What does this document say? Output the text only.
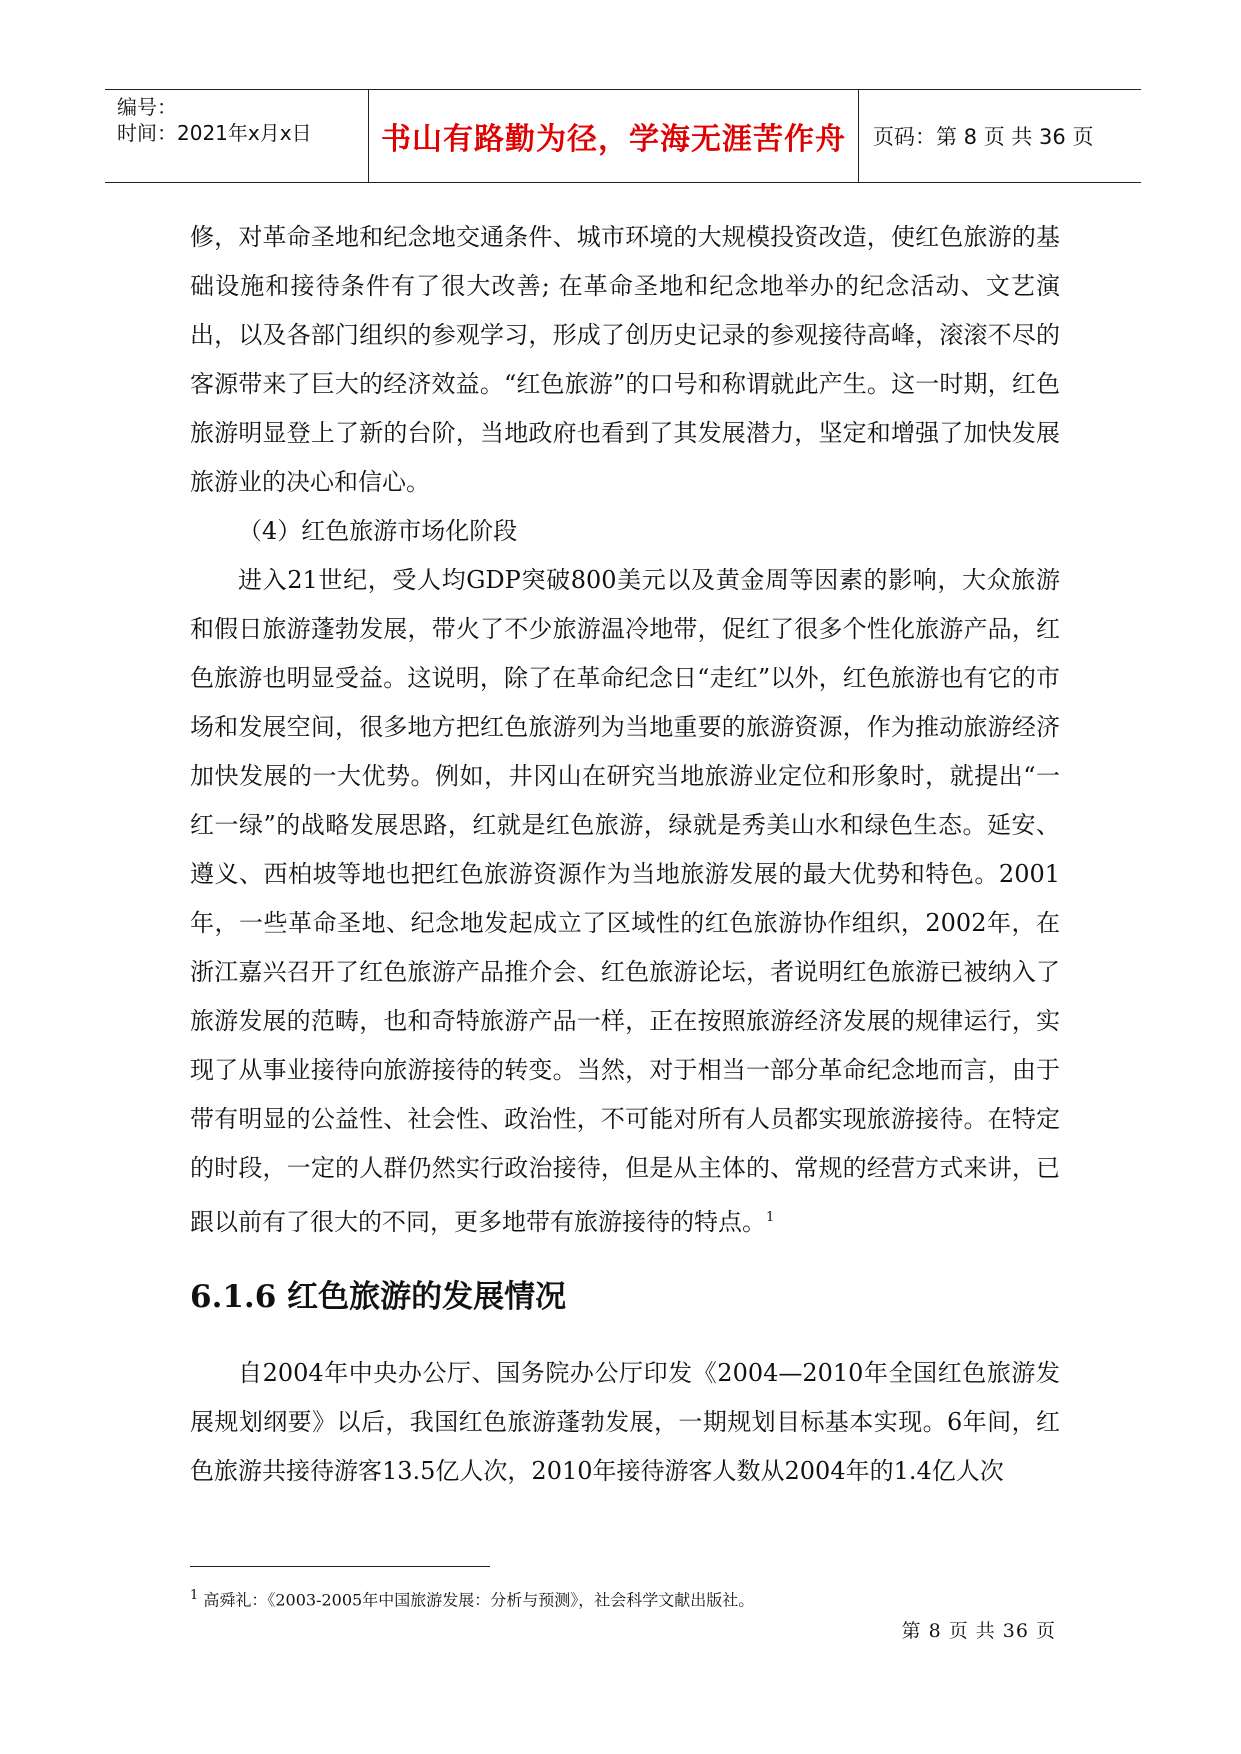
编号：
时间：2021年x月x日	书山有路勤为径，学海无涯苦作舟	页码：第 8 页 共 36 页

修，对革命圣地和纪念地交通条件、城市环境的大规模投资改造，使红色旅游的基础设施和接待条件有了很大改善; 在革命圣地和纪念地举办的纪念活动、文艺演出，以及各部门组织的参观学习，形成了创历史记录的参观接待高峰，滚滚不尽的客源带来了巨大的经济效益。“红色旅游”的口号和称谓就此产生。这一时期，红色旅游明显登上了新的台阶，当地政府也看到了其发展潜力，坚定和增强了加快发展旅游业的决心和信心。

（4）红色旅游市场化阶段

进入21世纪，受人均GDP突破800美元以及黄金周等因素的影响，大众旅游和假日旅游蓬勃发展，带火了不少旅游温冷地带，促红了很多个性化旅游产品，红色旅游也明显受益。这说明，除了在革命纪念日“走红”以外，红色旅游也有它的市场和发展空间，很多地方把红色旅游列为当地重要的旅游资源，作为推动旅游经济加快发展的一大优势。例如，井冈山在研究当地旅游业定位和形象时，就提出“一红一绿”的战略发展思路，红就是红色旅游，绿就是秀美山水和绿色生态。延安、遵义、西柏坡等地也把红色旅游资源作为当地旅游发展的最大优势和特色。2001年，一些革命圣地、纪念地发起成立了区域性的红色旅游协作组织，2002年，在浙江嘉兴召开了红色旅游产品推介会、红色旅游论坛，者说明红色旅游已被纳入了旅游发展的范畴，也和奇特旅游产品一样，正在按照旅游经济发展的规律运行，实现了从事业接待向旅游接待的转变。当然，对于相当一部分革命纪念地而言，由于带有明显的公益性、社会性、政治性，不可能对所有人员都实现旅游接待。在特定的时段，一定的人群仍然实行政治接待，但是从主体的、常规的经营方式来讲，已跟以前有了很大的不同，更多地带有旅游接待的特点。$^1$

6.1.6 红色旅游的发展情况

自2004年中央办公厅、国务院办公厅印发《2004—2010年全国红色旅游发展规划纲要》以后，我国红色旅游蓬勃发展，一期规划目标基本实现。6年间，红色旅游共接待游客13.5亿人次，2010年接待游客人数从2004年的1.4亿人次

$^1$ 高舜礼：《2003-2005年中国旅游发展：分析与预测》，社会科学文献出版社。
第 8 页 共 36 页
